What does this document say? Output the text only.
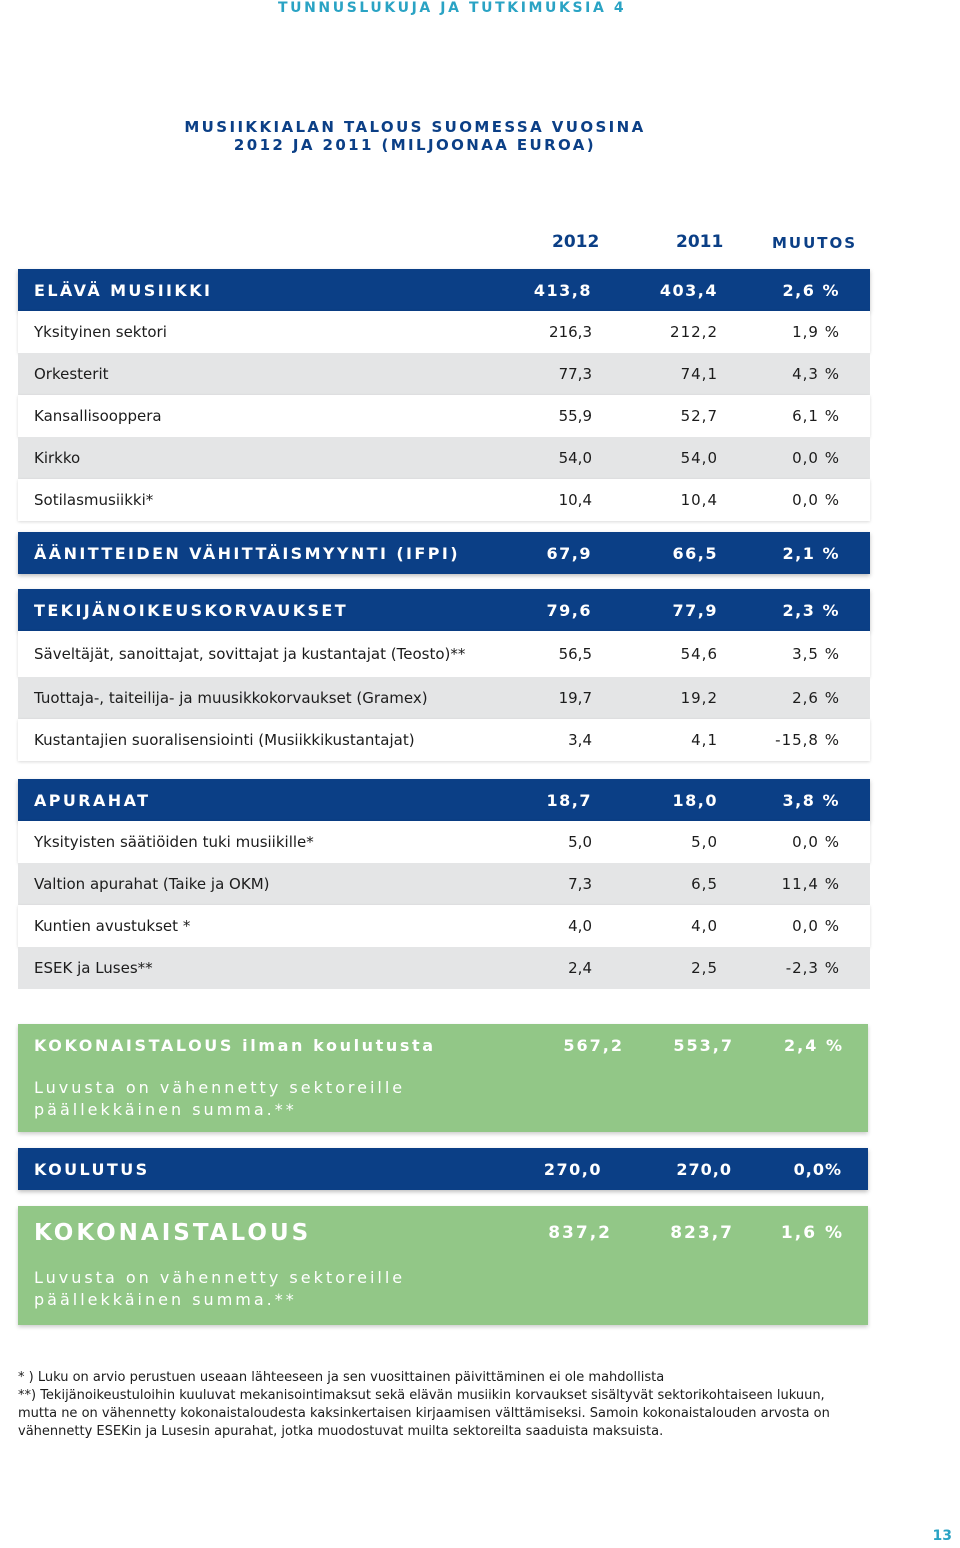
TUNNUSLUKUJA JA TUTKIMUKSIA 4
MUSIIKKIALAN TALOUS SUOMESSA VUOSINA
2012 JA 2011 (MILJOONAA EUROA)
2012	2011	MUUTOS
ELÄVÄ MUSIIKKI	413,8	403,4	2,6 %
Yksityinen sektori	216,3	212,2	1,9 %
Orkesterit	77,3	74,1	4,3 %
Kansallisooppera	55,9	52,7	6,1 %
Kirkko	54,0	54,0	0,0 %
Sotilasmusiikki*	10,4	10,4	0,0 %
ÄÄNITTEIDEN VÄHITTÄISMYYNTI (IFPI)	67,9	66,5	2,1 %
TEKIJÄNOIKEUSKORVAUKSET	79,6	77,9	2,3 %
Säveltäjät, sanoittajat, sovittajat ja kustantajat (Teosto)**	56,5	54,6	3,5 %
Tuottaja-, taiteilija- ja muusikkokorvaukset (Gramex)	19,7	19,2	2,6 %
Kustantajien suoralisensiointi (Musiikkikustantajat)	3,4	4,1	-15,8 %
APURAHAT	18,7	18,0	3,8 %
Yksityisten säätiöiden tuki musiikille*	5,0	5,0	0,0 %
Valtion apurahat (Taike ja OKM)	7,3	6,5	11,4 %
Kuntien avustukset *	4,0	4,0	0,0 %
ESEK ja Luses**	2,4	2,5	-2,3 %
KOKONAISTALOUS ilman koulutusta	567,2	553,7	2,4 %
Luvusta on vähennetty sektoreille päällekkäinen summa.**
KOULUTUS	270,0	270,0	0,0%
KOKONAISTALOUS	837,2	823,7	1,6 %
Luvusta on vähennetty sektoreille päällekkäinen summa.**
* ) Luku on arvio perustuen useaan lähteeseen ja sen vuosittainen päivittäminen ei ole mahdollista
**) Tekijänoikeustuloihin kuuluvat mekanisointimaksut sekä elävän musiikin korvaukset sisältyvät sektorikohtaiseen lukuun,
mutta ne on vähennetty kokonaistaloudesta kaksinkertaisen kirjaamisen välttämiseksi. Samoin kokonaistalouden arvosta on
vähennetty ESEKin ja Lusesin apurahat, jotka muodostuvat muilta sektoreilta saaduista maksuista.
13
